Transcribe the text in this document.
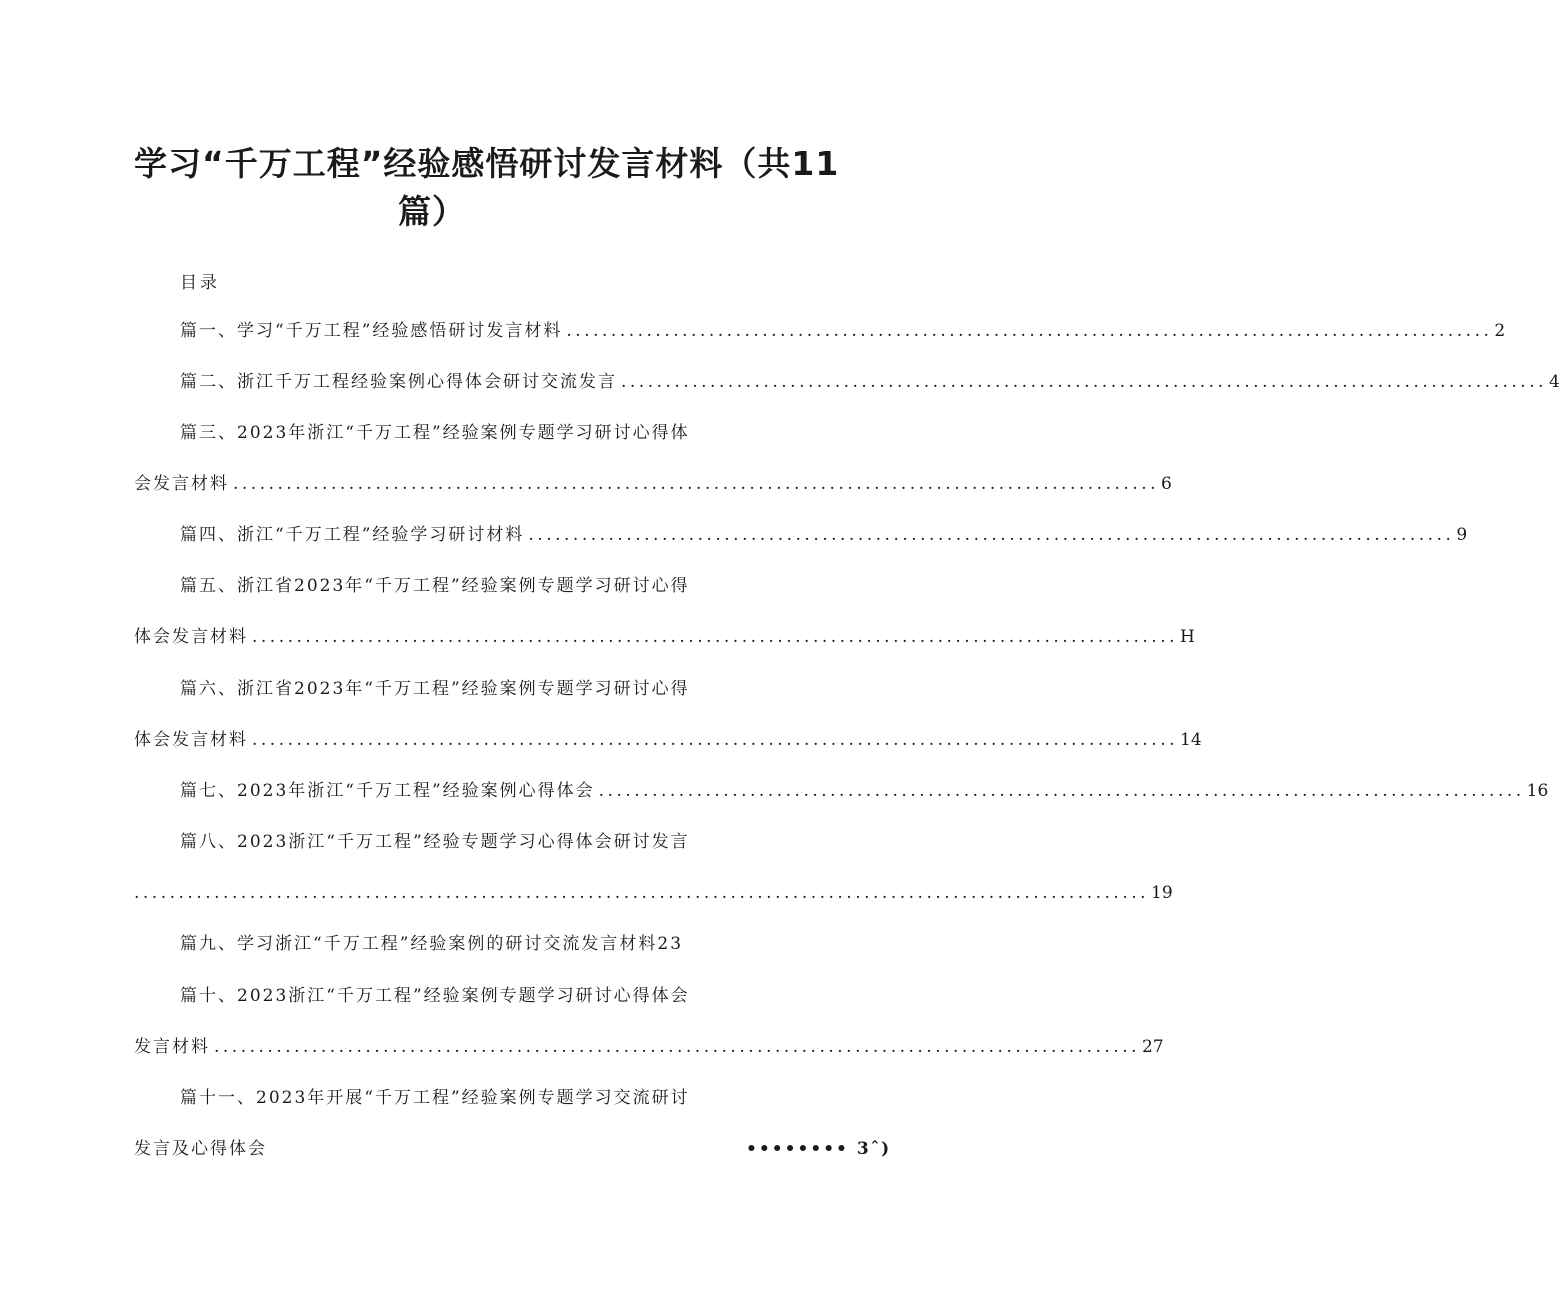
学习“千万工程”经验感悟研讨发言材料（共11
篇）
目录
篇一、学习“千万工程”经验感悟研讨发言材料 ........................................................................................................ 2
篇二、浙江千万工程经验案例心得体会研讨交流发言 ........................................................................................................ 4
篇三、2023年浙江“千万工程”经验案例专题学习研讨心得体
会发言材料 ........................................................................................................ 6
篇四、浙江“千万工程”经验学习研讨材料 ........................................................................................................ 9
篇五、浙江省2023年“千万工程”经验案例专题学习研讨心得
体会发言材料 ........................................................................................................ H
篇六、浙江省2023年“千万工程”经验案例专题学习研讨心得
体会发言材料 ........................................................................................................ 14
篇七、2023年浙江“千万工程”经验案例心得体会 ........................................................................................................ 16
篇八、2023浙江“千万工程”经验专题学习心得体会研讨发言
.................................................................................................................. 19
篇九、学习浙江“千万工程”经验案例的研讨交流发言材料23
篇十、2023浙江“千万工程”经验案例专题学习研讨心得体会
发言材料 ........................................................................................................ 27
篇十一、2023年开展“千万工程”经验案例专题学习交流研讨
发言及心得体会	•••••••• 3ˆ)
